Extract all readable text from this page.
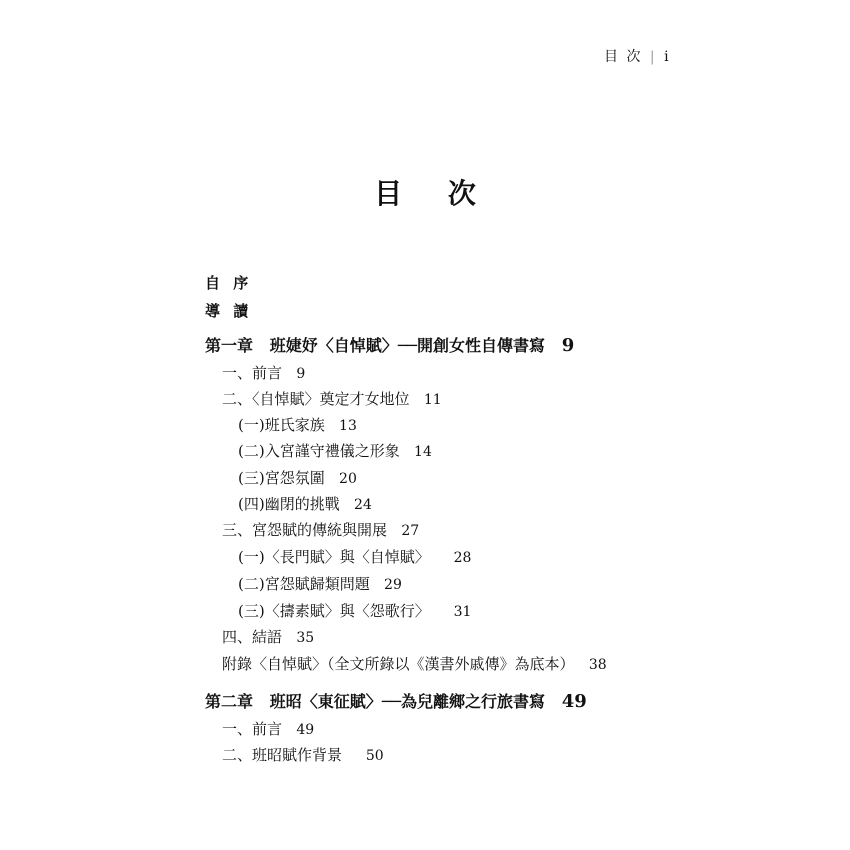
目 次 | i
目 次
自 序
導 讀
第一章 班婕妤〈自悼賦〉──開創女性自傳書寫 9
一、前言 9
二、〈自悼賦〉奠定才女地位 11
(一)班氏家族 13
(二)入宮謹守禮儀之形象 14
(三)宮怨氛圍 20
(四)幽閉的挑戰 24
三、宮怨賦的傳統與開展 27
(一)〈長門賦〉與〈自悼賦〉 28
(二)宮怨賦歸類問題 29
(三)〈擣素賦〉與〈怨歌行〉 31
四、結語 35
附錄〈自悼賦〉（全文所錄以《漢書外戚傳》為底本） 38
第二章 班昭〈東征賦〉──為兒離鄉之行旅書寫 49
一、前言 49
二、班昭賦作背景 50
